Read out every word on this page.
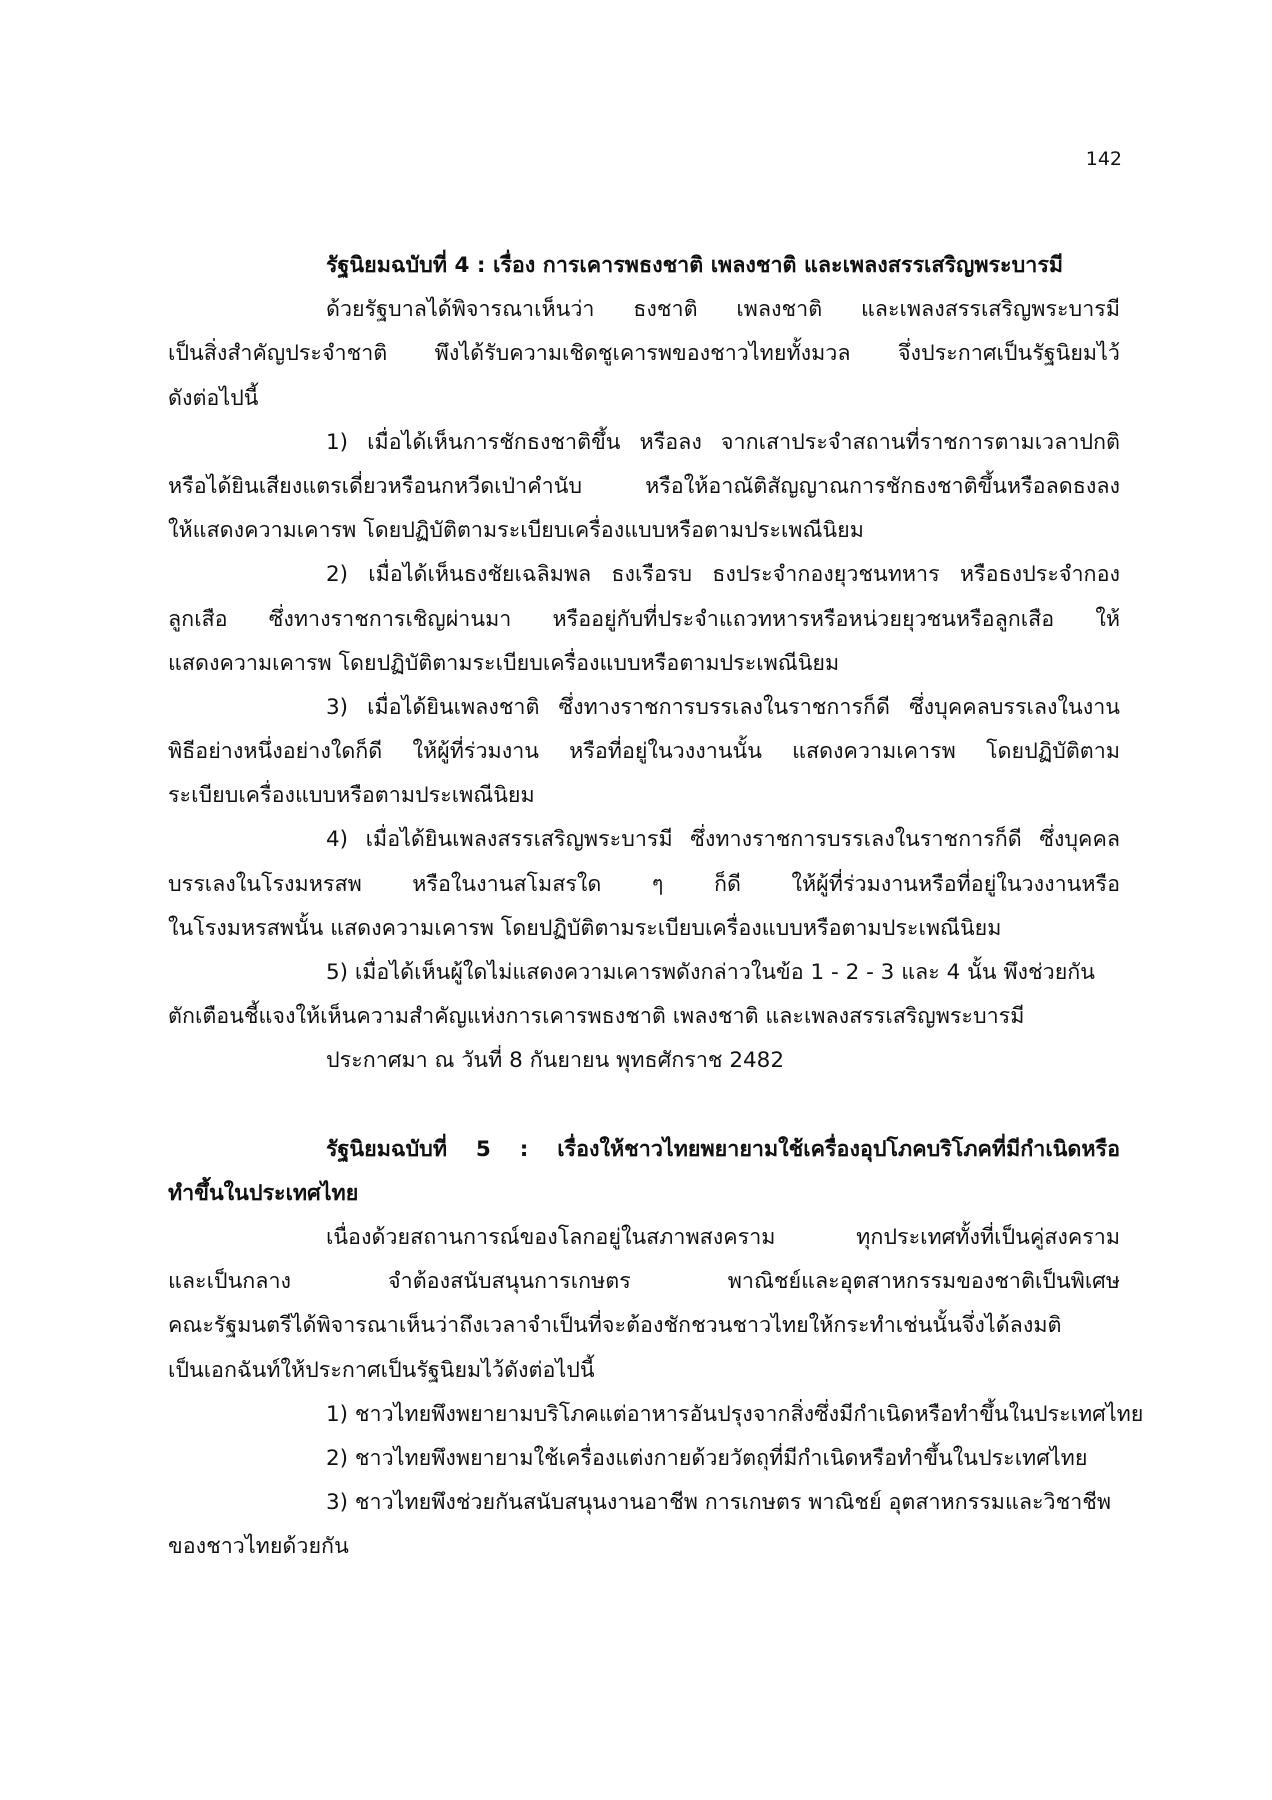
142
รัฐนิยมฉบับที่ 4 : เรื่อง การเคารพธงชาติ เพลงชาติ และเพลงสรรเสริญพระบารมี
ด้วยรัฐบาลได้พิจารณาเห็นว่า ธงชาติ เพลงชาติ และเพลงสรรเสริญพระบารมี
เป็นสิ่งสำคัญประจำชาติ พึงได้รับความเชิดชูเคารพของชาวไทยทั้งมวล จึ่งประกาศเป็นรัฐนิยมไว้
ดังต่อไปนี้
1) เมื่อได้เห็นการชักธงชาติขึ้น หรือลง จากเสาประจำสถานที่ราชการตามเวลาปกติ
หรือได้ยินเสียงแตรเดี่ยวหรือนกหวีดเป่าคำนับ หรือให้อาณัติสัญญาณการชักธงชาติขึ้นหรือลดธงลง
ให้แสดงความเคารพ โดยปฏิบัติตามระเบียบเครื่องแบบหรือตามประเพณีนิยม
2) เมื่อได้เห็นธงชัยเฉลิมพล ธงเรือรบ ธงประจำกองยุวชนทหาร หรือธงประจำกอง
ลูกเสือ ซึ่งทางราชการเชิญผ่านมา หรืออยู่กับที่ประจำแถวทหารหรือหน่วยยุวชนหรือลูกเสือ ให้
แสดงความเคารพ โดยปฏิบัติตามระเบียบเครื่องแบบหรือตามประเพณีนิยม
3) เมื่อได้ยินเพลงชาติ ซึ่งทางราชการบรรเลงในราชการก็ดี ซึ่งบุคคลบรรเลงในงาน
พิธีอย่างหนึ่งอย่างใดก็ดี ให้ผู้ที่ร่วมงาน หรือที่อยู่ในวงงานนั้น แสดงความเคารพ โดยปฏิบัติตาม
ระเบียบเครื่องแบบหรือตามประเพณีนิยม
4) เมื่อได้ยินเพลงสรรเสริญพระบารมี ซึ่งทางราชการบรรเลงในราชการก็ดี ซึ่งบุคคล
บรรเลงในโรงมหรสพ หรือในงานสโมสรใด ๆ ก็ดี ให้ผู้ที่ร่วมงานหรือที่อยู่ในวงงานหรือ
ในโรงมหรสพนั้น แสดงความเคารพ โดยปฏิบัติตามระเบียบเครื่องแบบหรือตามประเพณีนิยม
5) เมื่อได้เห็นผู้ใดไม่แสดงความเคารพดังกล่าวในข้อ 1 - 2 - 3 และ 4 นั้น พึงช่วยกัน
ตักเตือนชี้แจงให้เห็นความสำคัญแห่งการเคารพธงชาติ เพลงชาติ และเพลงสรรเสริญพระบารมี
ประกาศมา ณ วันที่ 8 กันยายน พุทธศักราช 2482
รัฐนิยมฉบับที่ 5 : เรื่องให้ชาวไทยพยายามใช้เครื่องอุปโภคบริโภคที่มีกำเนิดหรือ
ทำขึ้นในประเทศไทย
เนื่องด้วยสถานการณ์ของโลกอยู่ในสภาพสงคราม ทุกประเทศทั้งที่เป็นคู่สงคราม
และเป็นกลาง จำต้องสนับสนุนการเกษตร พาณิชย์และอุตสาหกรรมของชาติเป็นพิเศษ
คณะรัฐมนตรีได้พิจารณาเห็นว่าถึงเวลาจำเป็นที่จะต้องชักชวนชาวไทยให้กระทำเช่นนั้นจึ่งได้ลงมติ
เป็นเอกฉันท์ให้ประกาศเป็นรัฐนิยมไว้ดังต่อไปนี้
1) ชาวไทยพึงพยายามบริโภคแต่อาหารอันปรุงจากสิ่งซึ่งมีกำเนิดหรือทำขึ้นในประเทศไทย
2) ชาวไทยพึงพยายามใช้เครื่องแต่งกายด้วยวัตถุที่มีกำเนิดหรือทำขึ้นในประเทศไทย
3) ชาวไทยพึงช่วยกันสนับสนุนงานอาชีพ การเกษตร พาณิชย์ อุตสาหกรรมและวิชาชีพ
ของชาวไทยด้วยกัน
